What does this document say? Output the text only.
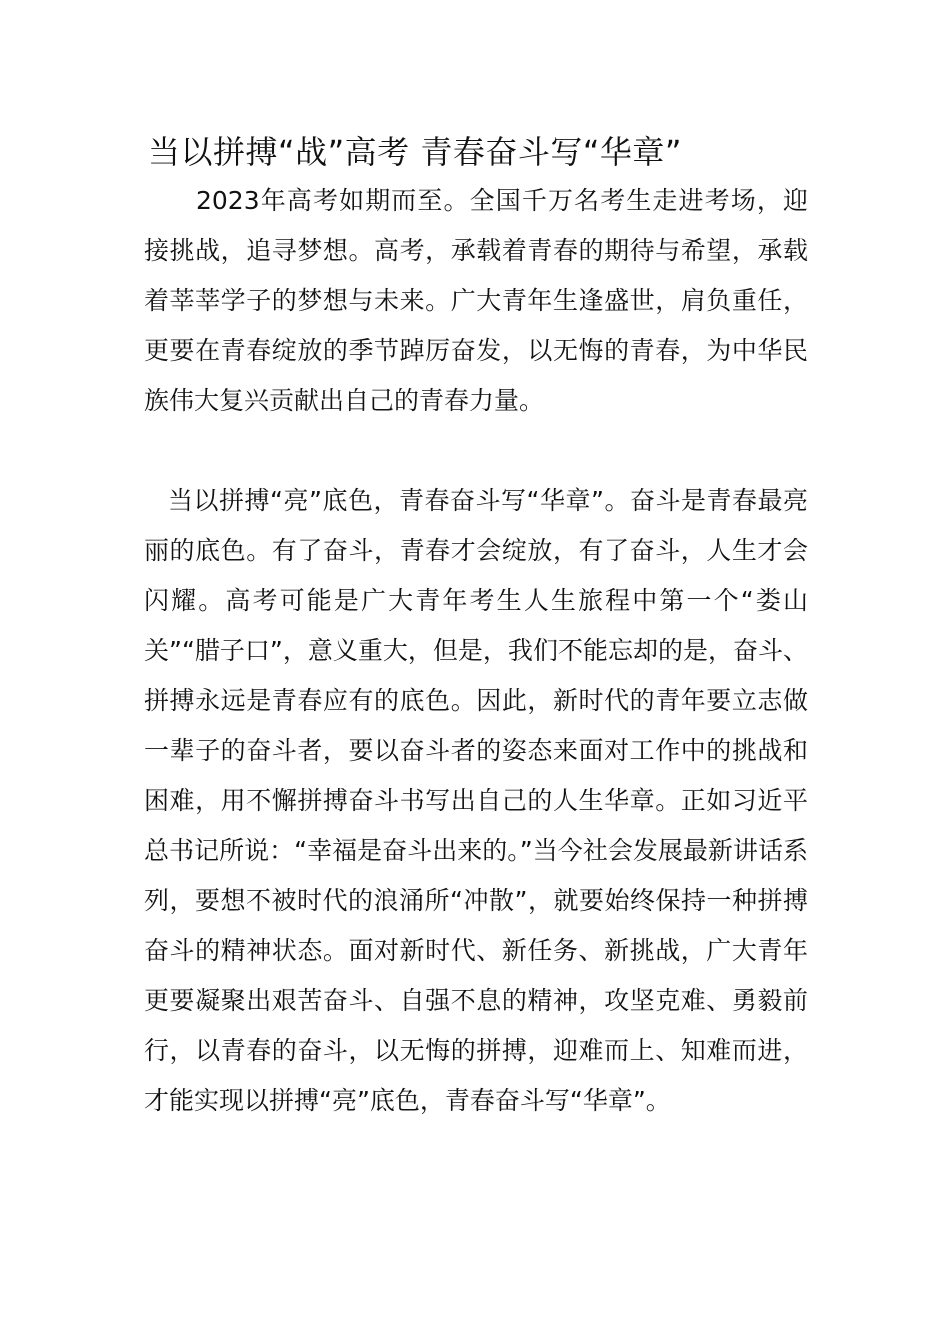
当以拼搏“战”高考 青春奋斗写“华章”

2023年高考如期而至。全国千万名考生走进考场，迎接挑战，追寻梦想。高考，承载着青春的期待与希望，承载着莘莘学子的梦想与未来。广大青年生逢盛世，肩负重任，更要在青春绽放的季节踔厉奋发，以无悔的青春，为中华民族伟大复兴贡献出自己的青春力量。

当以拼搏“亮”底色，青春奋斗写“华章”。奋斗是青春最亮丽的底色。有了奋斗，青春才会绽放，有了奋斗，人生才会闪耀。高考可能是广大青年考生人生旅程中第一个“娄山关”“腊子口”，意义重大，但是，我们不能忘却的是，奋斗、拼搏永远是青春应有的底色。因此，新时代的青年要立志做一辈子的奋斗者，要以奋斗者的姿态来面对工作中的挑战和困难，用不懈拼搏奋斗书写出自己的人生华章。正如习近平总书记所说：“幸福是奋斗出来的。”当今社会发展最新讲话系列，要想不被时代的浪涌所“冲散”，就要始终保持一种拼搏奋斗的精神状态。面对新时代、新任务、新挑战，广大青年更要凝聚出艰苦奋斗、自强不息的精神，攻坚克难、勇毅前行，以青春的奋斗，以无悔的拼搏，迎难而上、知难而进，才能实现以拼搏“亮”底色，青春奋斗写“华章”。
